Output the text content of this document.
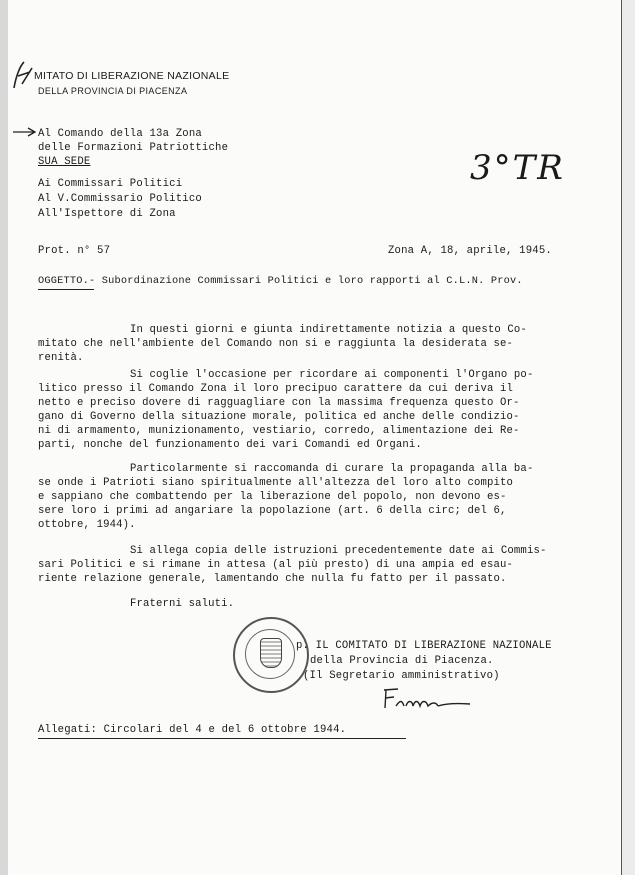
MITATO DI LIBERAZIONE NAZIONALE
DELLA PROVINCIA DI PIACENZA
Al Comando della 13a Zona
delle Formazioni Patriottiche
SUA SEDE
Ai Commissari Politici
Al V.Commissario Politico
All'Ispettore di Zona
3°TR
Prot. n° 57	Zona A, 18, aprile, 1945.
OGGETTO.- Subordinazione Commissari Politici e loro rapporti al C.L.N. Prov.
In questi giorni e giunta indirettamente notizia a questo Co-
mitato che nell'ambiente del Comando non si e raggiunta la desiderata se-
renità.
Si coglie l'occasione per ricordare ai componenti l'Organo po-
litico presso il Comando Zona il loro precipuo carattere da cui deriva il
netto e preciso dovere di ragguagliare con la massima frequenza questo Or-
gano di Governo della situazione morale, politica ed anche delle condizio-
ni di armamento, munizionamento, vestiario, corredo, alimentazione dei Re-
parti, nonche del funzionamento dei vari Comandi ed Organi.
Particolarmente si raccomanda di curare la propaganda alla ba-
se onde i Patrioti siano spiritualmente all'altezza del loro alto compito
e sappiano che combattendo per la liberazione del popolo, non devono es-
sere loro i primi ad angariare la popolazione (art. 6 della circ; del 6,
ottobre, 1944).
Si allega copia delle istruzioni precedentemente date ai Commis-
sari Politici e si rimane in attesa (al più presto) di una ampia ed esau-
riente relazione generale, lamentando che nulla fu fatto per il passato.
Fraterni saluti.
p. IL COMITATO DI LIBERAZIONE NAZIONALE
della Provincia di Piacenza.
(Il Segretario amministrativo)
Allegati: Circolari del 4 e del 6 ottobre 1944.
